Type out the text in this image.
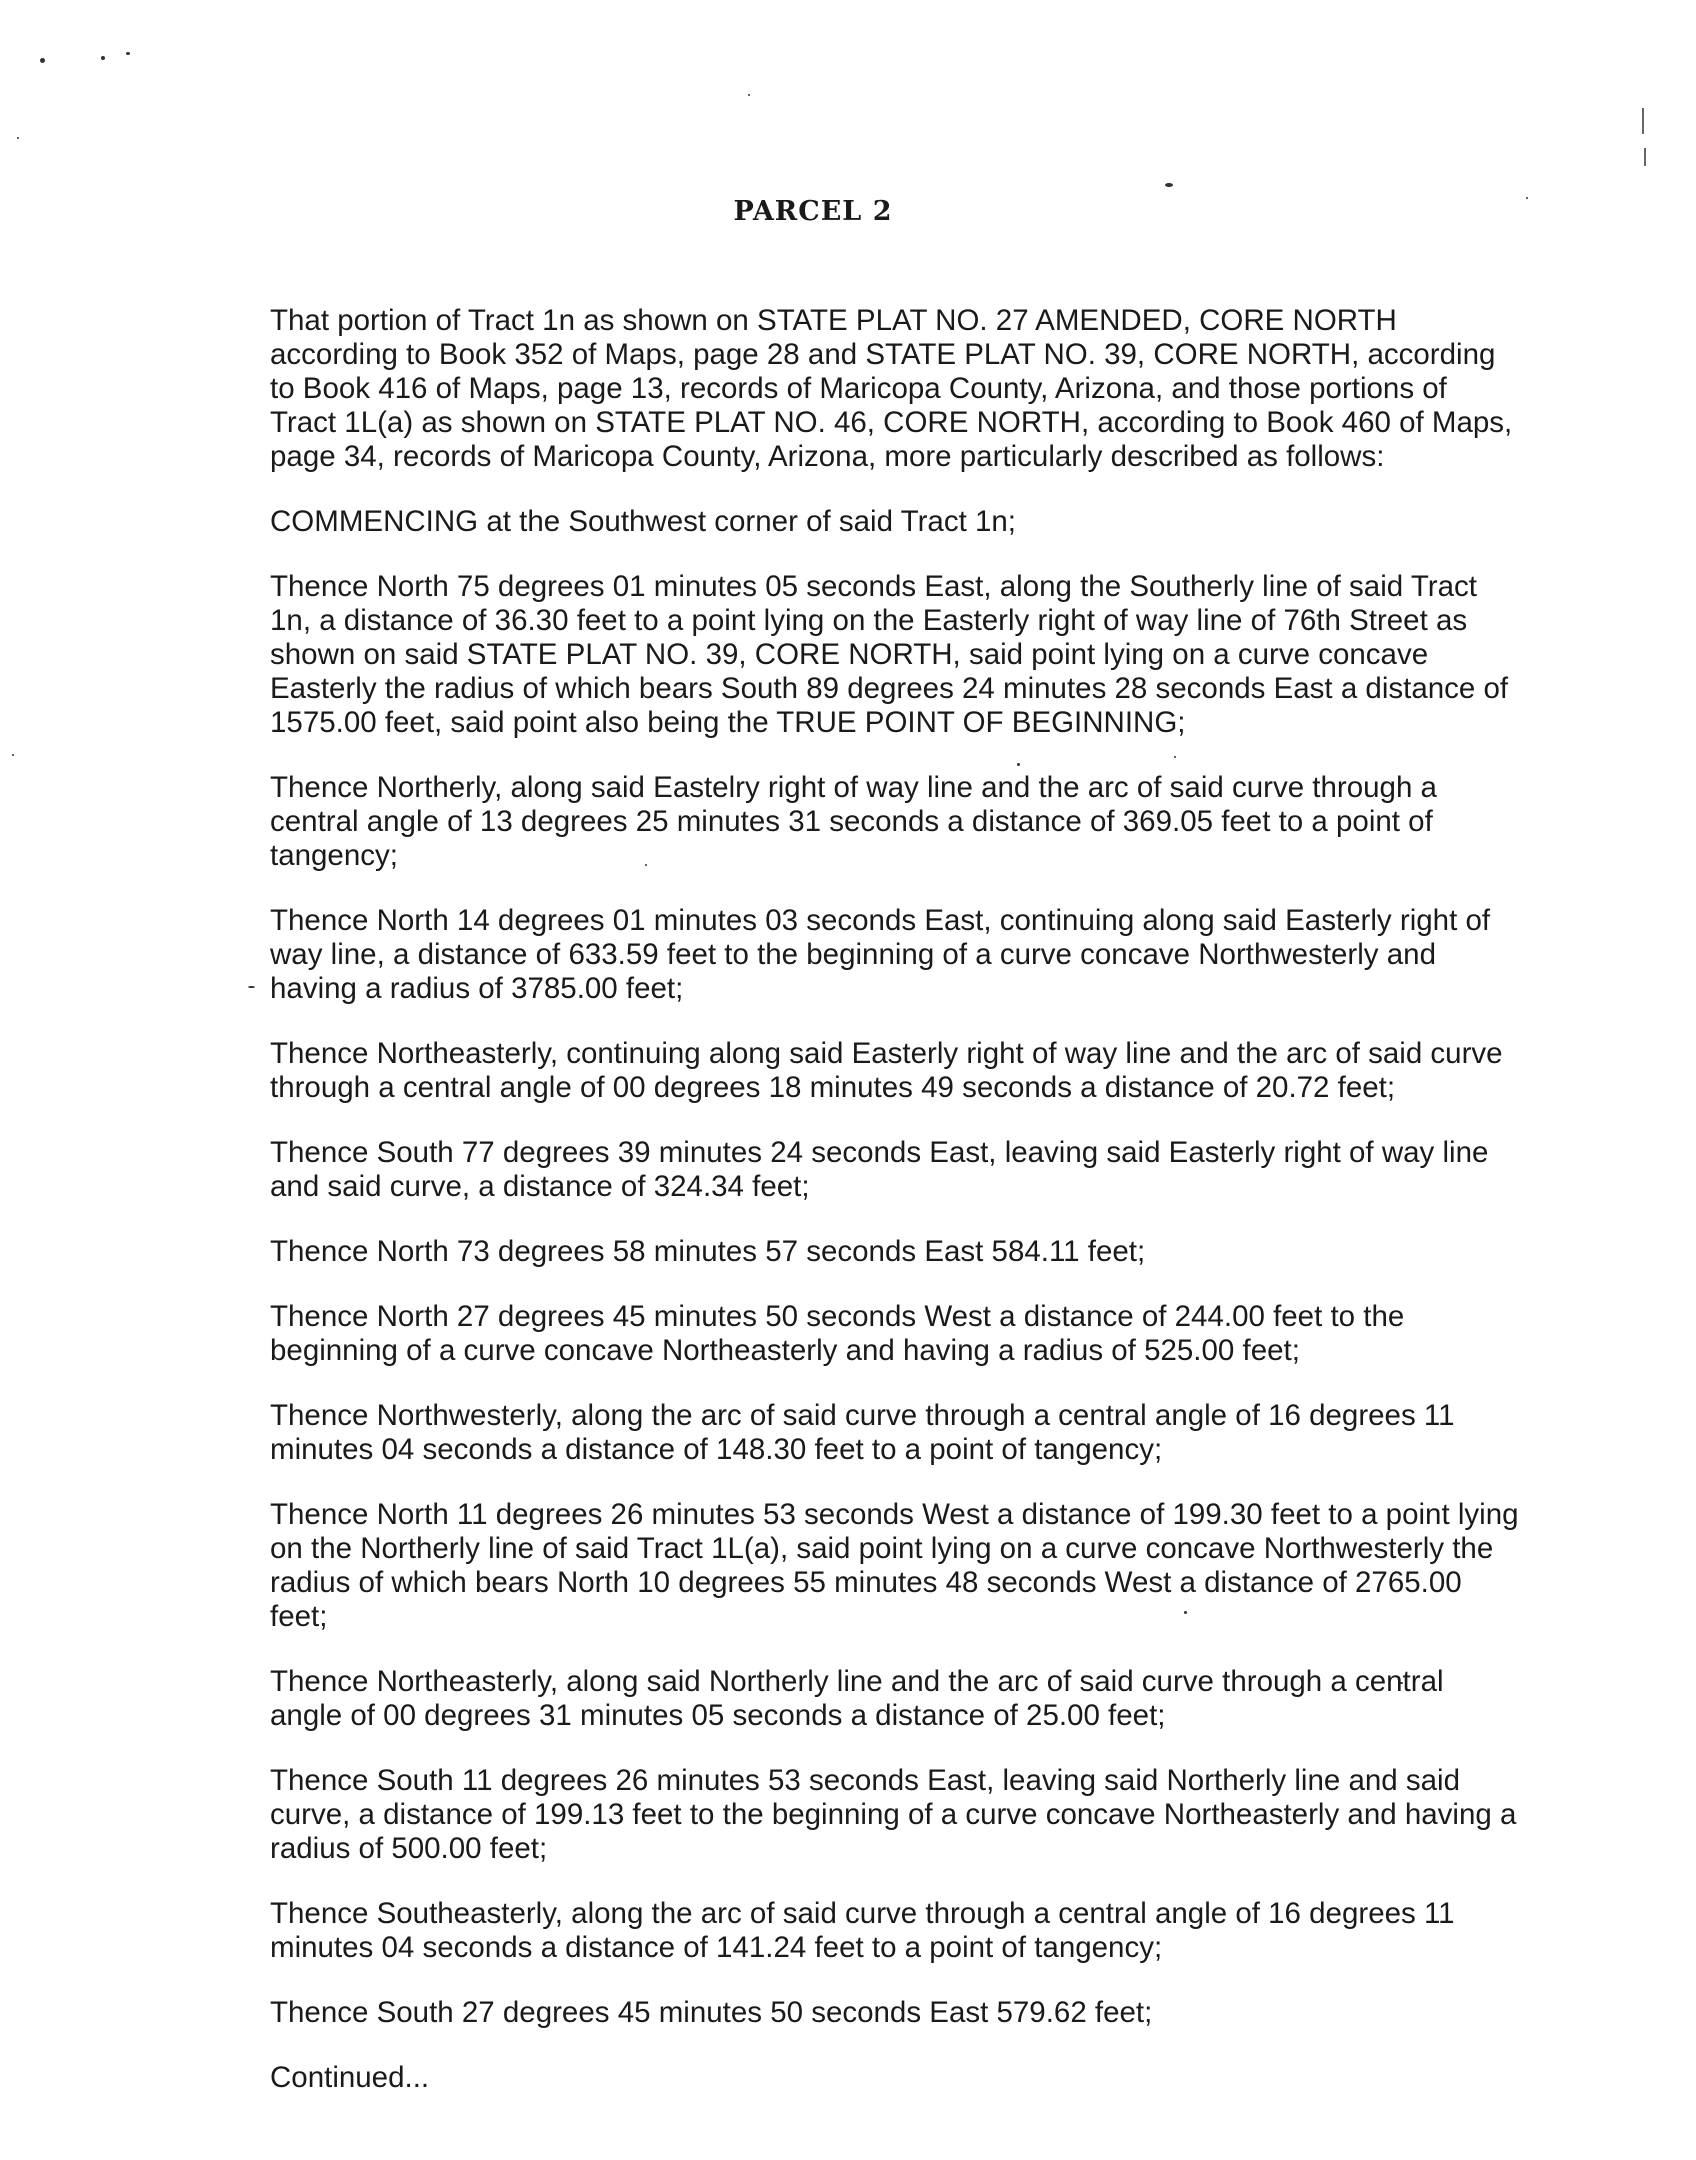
PARCEL 2

That portion of Tract 1n as shown on STATE PLAT NO. 27 AMENDED, CORE NORTH according to Book 352 of Maps, page 28 and STATE PLAT NO. 39, CORE NORTH, according to Book 416 of Maps, page 13, records of Maricopa County, Arizona, and those portions of Tract 1L(a) as shown on STATE PLAT NO. 46, CORE NORTH, according to Book 460 of Maps, page 34, records of Maricopa County, Arizona, more particularly described as follows:

COMMENCING at the Southwest corner of said Tract 1n;

Thence North 75 degrees 01 minutes 05 seconds East, along the Southerly line of said Tract 1n, a distance of 36.30 feet to a point lying on the Easterly right of way line of 76th Street as shown on said STATE PLAT NO. 39, CORE NORTH, said point lying on a curve concave Easterly the radius of which bears South 89 degrees 24 minutes 28 seconds East a distance of 1575.00 feet, said point also being the TRUE POINT OF BEGINNING;

Thence Northerly, along said Eastelry right of way line and the arc of said curve through a central angle of 13 degrees 25 minutes 31 seconds a distance of 369.05 feet to a point of tangency;

Thence North 14 degrees 01 minutes 03 seconds East, continuing along said Easterly right of way line, a distance of 633.59 feet to the beginning of a curve concave Northwesterly and having a radius of 3785.00 feet;

Thence Northeasterly, continuing along said Easterly right of way line and the arc of said curve through a central angle of 00 degrees 18 minutes 49 seconds a distance of 20.72 feet;

Thence South 77 degrees 39 minutes 24 seconds East, leaving said Easterly right of way line and said curve, a distance of 324.34 feet;

Thence North 73 degrees 58 minutes 57 seconds East 584.11 feet;

Thence North 27 degrees 45 minutes 50 seconds West a distance of 244.00 feet to the beginning of a curve concave Northeasterly and having a radius of 525.00 feet;

Thence Northwesterly, along the arc of said curve through a central angle of 16 degrees 11 minutes 04 seconds a distance of 148.30 feet to a point of tangency;

Thence North 11 degrees 26 minutes 53 seconds West a distance of 199.30 feet to a point lying on the Northerly line of said Tract 1L(a), said point lying on a curve concave Northwesterly the radius of which bears North 10 degrees 55 minutes 48 seconds West a distance of 2765.00 feet;

Thence Northeasterly, along said Northerly line and the arc of said curve through a central angle of 00 degrees 31 minutes 05 seconds a distance of 25.00 feet;

Thence South 11 degrees 26 minutes 53 seconds East, leaving said Northerly line and said curve, a distance of 199.13 feet to the beginning of a curve concave Northeasterly and having a radius of 500.00 feet;

Thence Southeasterly, along the arc of said curve through a central angle of 16 degrees 11 minutes 04 seconds a distance of 141.24 feet to a point of tangency;

Thence South 27 degrees 45 minutes 50 seconds East 579.62 feet;

Continued...
